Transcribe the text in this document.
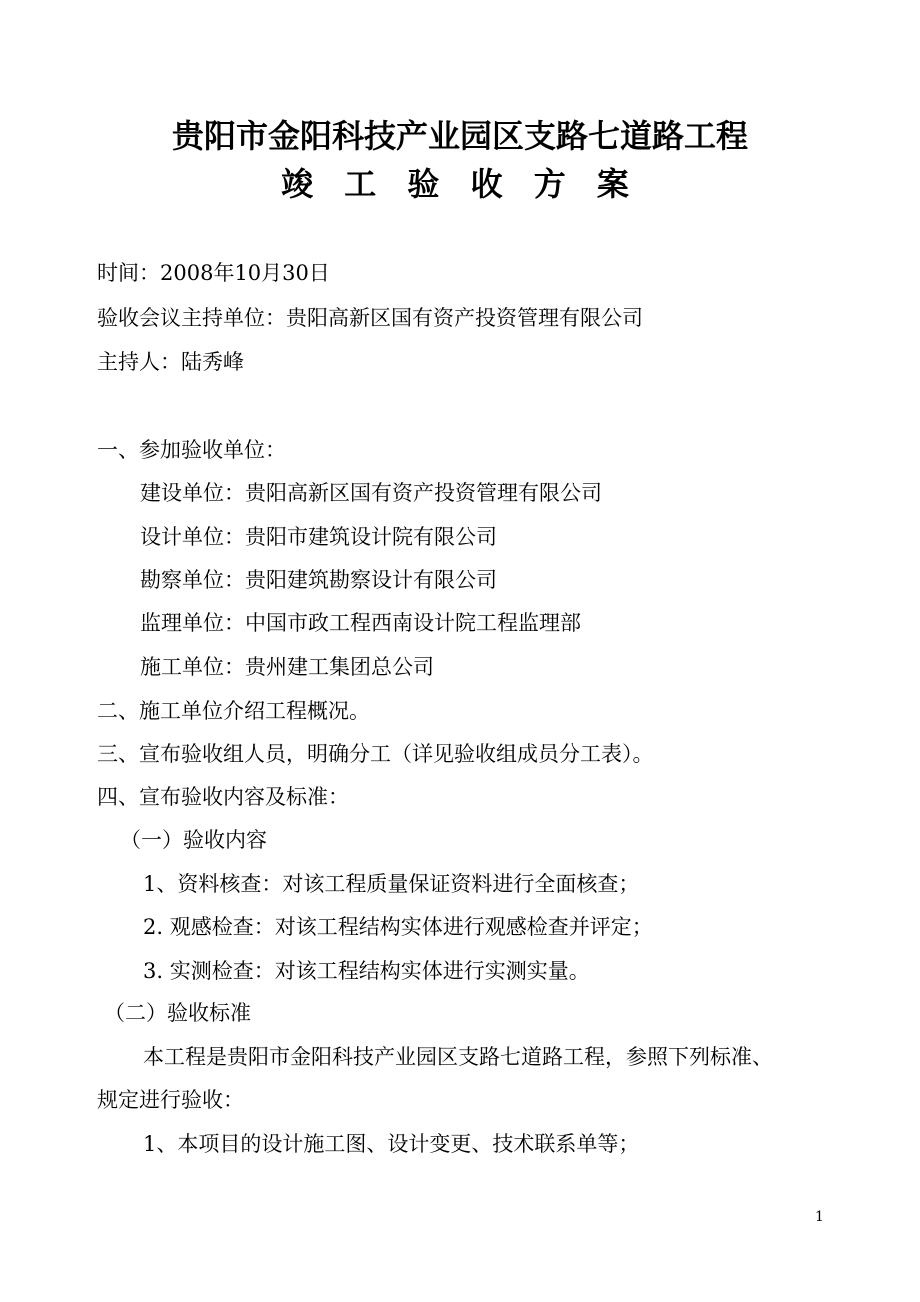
贵阳市金阳科技产业园区支路七道路工程
竣 工 验 收 方 案
时间：2008年10月30日
验收会议主持单位：贵阳高新区国有资产投资管理有限公司
主持人：陆秀峰
一、参加验收单位：
建设单位：贵阳高新区国有资产投资管理有限公司
设计单位：贵阳市建筑设计院有限公司
勘察单位：贵阳建筑勘察设计有限公司
监理单位：中国市政工程西南设计院工程监理部
施工单位：贵州建工集团总公司
二、施工单位介绍工程概况。
三、宣布验收组人员，明确分工（详见验收组成员分工表）。
四、宣布验收内容及标准：
（一）验收内容
1、资料核查：对该工程质量保证资料进行全面核查；
2. 观感检查：对该工程结构实体进行观感检查并评定；
3. 实测检查：对该工程结构实体进行实测实量。
（二）验收标准
本工程是贵阳市金阳科技产业园区支路七道路工程，参照下列标准、
规定进行验收：
1、本项目的设计施工图、设计变更、技术联系单等；
1
